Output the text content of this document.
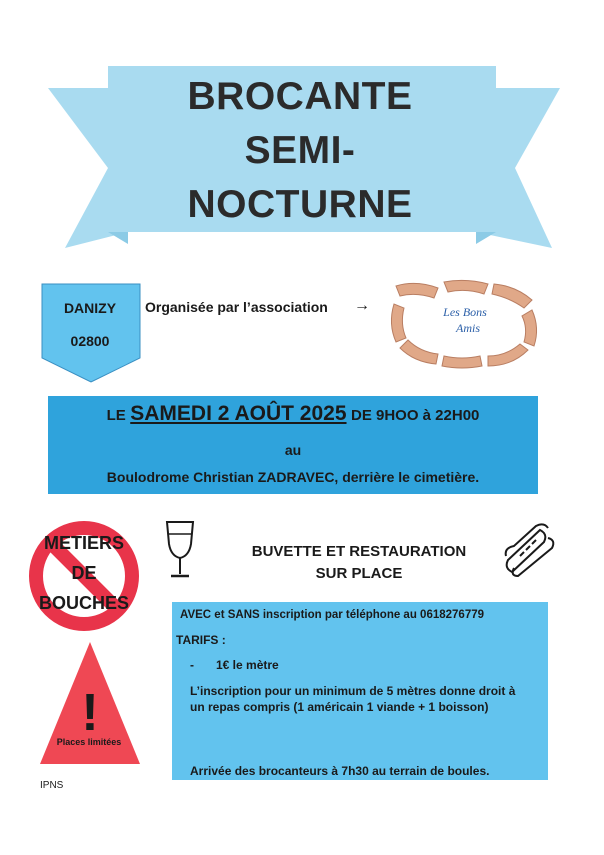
BROCANTE
SEMI-
NOCTURNE
DANIZY
02800
Organisée par l’association →	Les Bons
Amis
LE SAMEDI 2 AOÛT 2025 DE 9HOO à 22H00
au
Boulodrome Christian ZADRAVEC, derrière le cimetière.
METIERS
DE
BOUCHES
!
Places limitées
BUVETTE ET RESTAURATION
SUR PLACE
AVEC et SANS inscription par téléphone au 0618276779
TARIFS :
- 1€ le mètre
L’inscription pour un minimum de 5 mètres donne droit à un repas compris (1 américain 1 viande + 1 boisson)
Arrivée des brocanteurs à 7h30 au terrain de boules.
IPNS
